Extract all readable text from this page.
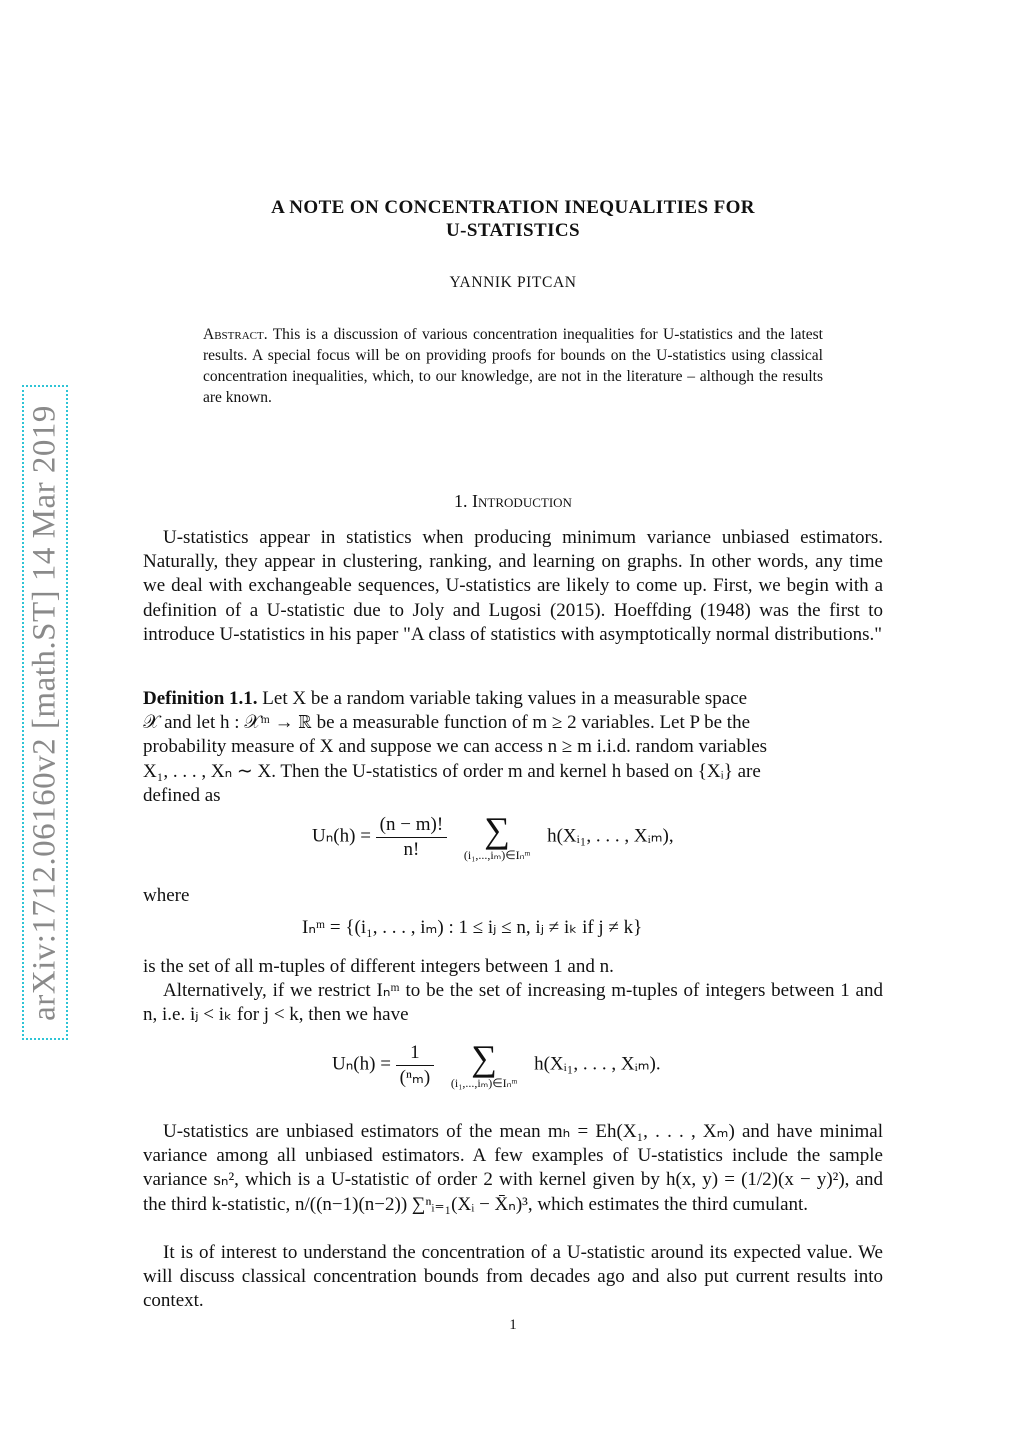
arXiv:1712.06160v2 [math.ST] 14 Mar 2019
A NOTE ON CONCENTRATION INEQUALITIES FOR
U-STATISTICS
YANNIK PITCAN
Abstract. This is a discussion of various concentration inequalities for U-statistics and the latest results. A special focus will be on providing proofs for bounds on the U-statistics using classical concentration inequalities, which, to our knowledge, are not in the literature – although the results are known.
1. Introduction
U-statistics appear in statistics when producing minimum variance unbiased estimators. Naturally, they appear in clustering, ranking, and learning on graphs. In other words, any time we deal with exchangeable sequences, U-statistics are likely to come up. First, we begin with a definition of a U-statistic due to Joly and Lugosi (2015). Hoeffding (1948) was the first to introduce U-statistics in his paper "A class of statistics with asymptotically normal distributions."
Definition 1.1. Let X be a random variable taking values in a measurable space
𝒳 and let h : 𝒳ᵐ → ℝ be a measurable function of m ≥ 2 variables. Let P be the
probability measure of X and suppose we can access n ≥ m i.i.d. random variables
X₁, . . . , Xₙ ∼ X. Then the U-statistics of order m and kernel h based on {Xᵢ} are
defined as
$U_n(h) = \frac{(n - m)!}{n!}$
	∑
(i₁,...,iₘ)∈Iₙᵐ
h(Xᵢ₁, . . . , Xᵢₘ),
where
Iₙᵐ = {(i₁, . . . , iₘ) : 1 ≤ iⱼ ≤ n, iⱼ ≠ iₖ if j ≠ k}
is the set of all m-tuples of different integers between 1 and n.
Alternatively, if we restrict Iₙᵐ to be the set of increasing m-tuples of integers between 1 and n, i.e. iⱼ < iₖ for j < k, then we have
$U_n(h) = \frac{1}{\text{(ⁿₘ)}}$
	∑
(i₁,...,iₘ)∈Iₙᵐ
h(Xᵢ₁, . . . , Xᵢₘ).
U-statistics are unbiased estimators of the mean mₕ = Eh(X₁, . . . , Xₘ) and have minimal variance among all unbiased estimators. A few examples of U-statistics include the sample variance sₙ², which is a U-statistic of order 2 with kernel given by h(x, y) = (1/2)(x − y)²), and the third k-statistic, n/((n−1)(n−2)) ∑ⁿᵢ₌₁(Xᵢ − X̄ₙ)³, which estimates the third cumulant.
It is of interest to understand the concentration of a U-statistic around its expected value. We will discuss classical concentration bounds from decades ago and also put current results into context.
1
